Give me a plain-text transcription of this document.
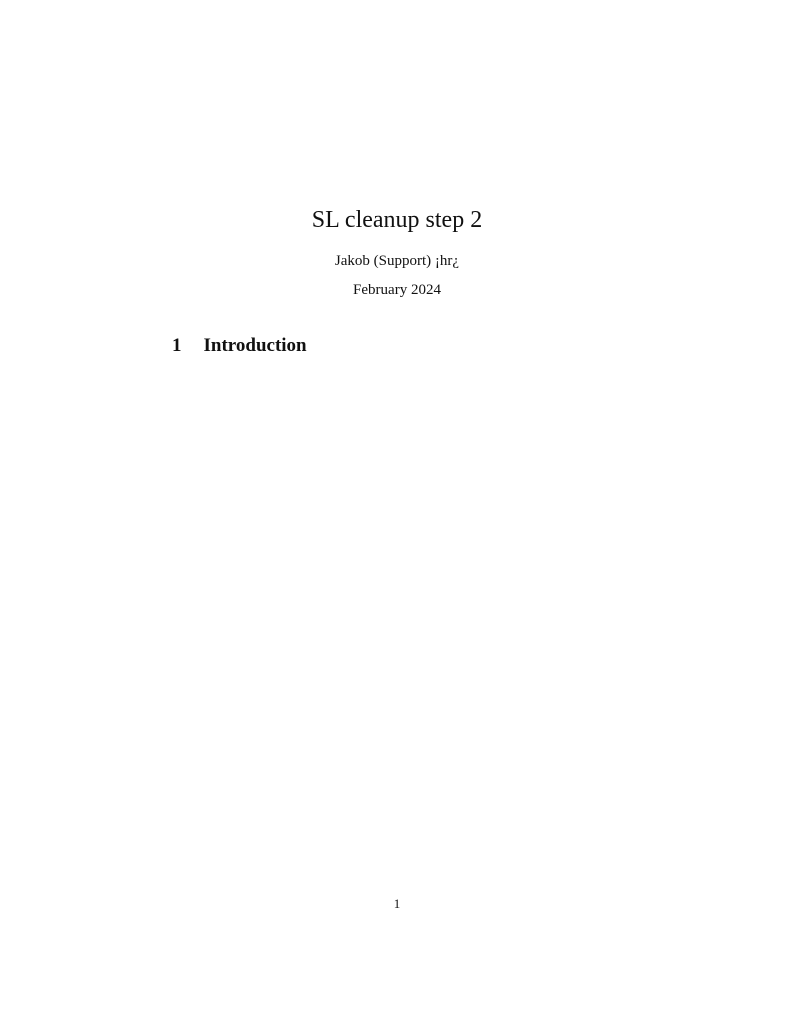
SL cleanup step 2
Jakob (Support) ¡hr¿
February 2024
1 Introduction
1
